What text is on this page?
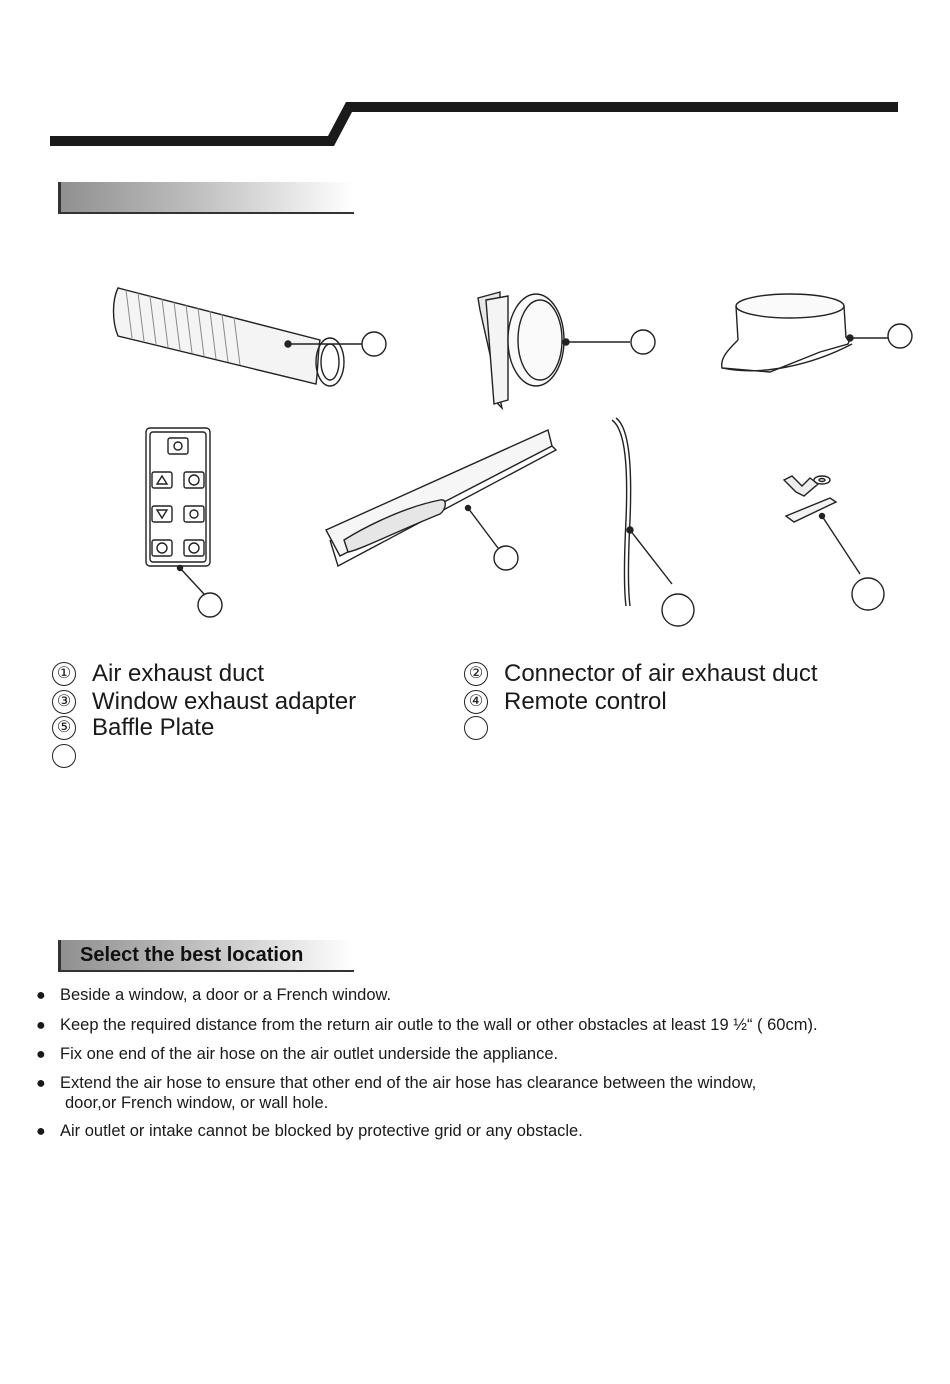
① Air exhaust duct	② Connector of air exhaust duct
③ Window exhaust adapter	④ Remote control
⑤ Baffle Plate
Select the best location
● Beside a window, a door or a French window.
● Keep the required distance from the return air outle to the wall or other obstacles at least 19 ½“ ( 60cm).
● Fix one end of the air hose on the air outlet underside the appliance.
● Extend the air hose to ensure that other end of the air hose has clearance between the window,
door,or French window, or wall hole.
● Air outlet or intake cannot be blocked by protective grid or any obstacle.
